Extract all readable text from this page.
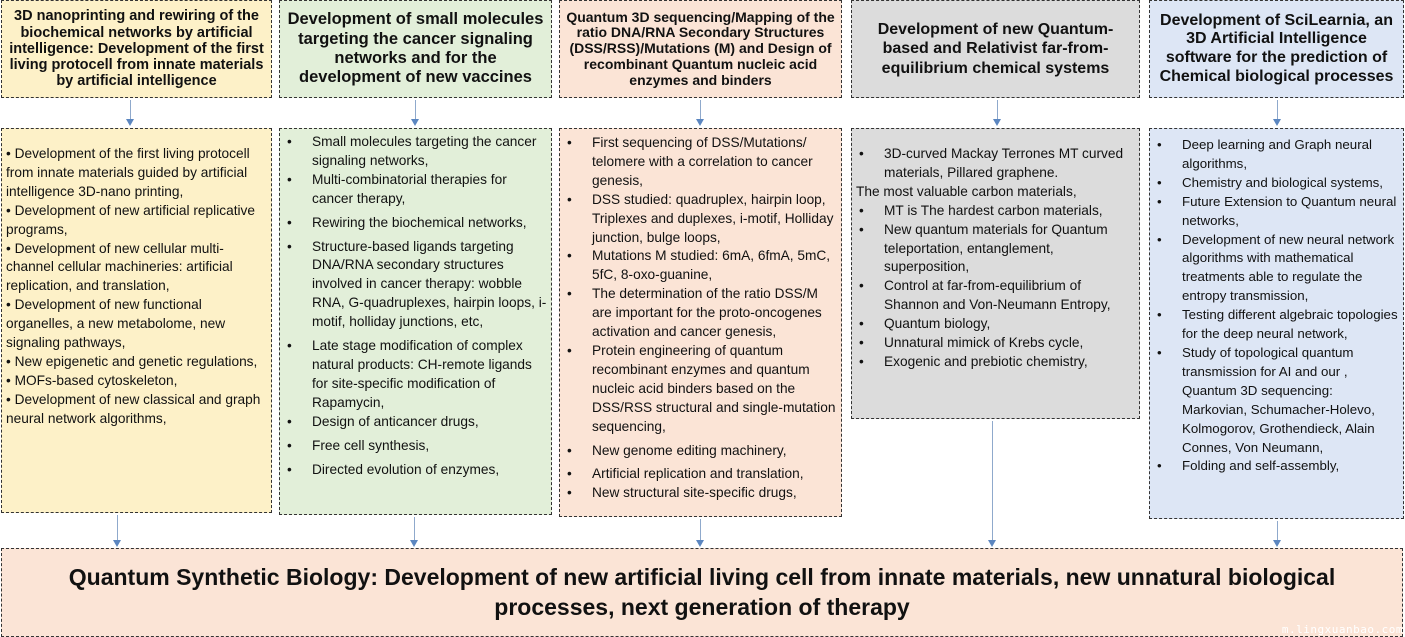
3D nanoprinting and rewiring of the biochemical networks by artificial intelligence: Development of the first living protocell from innate materials by artificial intelligence
Development of small molecules targeting the cancer signaling networks and for the development of new vaccines
Quantum 3D sequencing/Mapping of the ratio DNA/RNA Secondary Structures (DSS/RSS)/Mutations (M) and Design of recombinant Quantum nucleic acid enzymes and binders
Development of new Quantum-based and Relativist far-from-equilibrium chemical systems
Development of SciLearnia, an 3D Artificial Intelligence software for the prediction of Chemical biological processes
• Development of the first living protocell from innate materials guided by artificial intelligence 3D-nano printing,
• Development of new artificial replicative programs,
• Development of new cellular multi-channel cellular machineries: artificial replication, and translation,
• Development of new functional organelles, a new metabolome, new signaling pathways,
• New epigenetic and genetic regulations,
• MOFs-based cytoskeleton,
• Development of new classical and graph neural network algorithms,
• Small molecules targeting the cancer signaling networks,
• Multi-combinatorial therapies for cancer therapy,
• Rewiring the biochemical networks,
• Structure-based ligands targeting DNA/RNA secondary structures involved in cancer therapy: wobble RNA, G-quadruplexes, hairpin loops, i-motif, holliday junctions, etc,
• Late stage modification of complex natural products: CH-remote ligands for site-specific modification of Rapamycin,
• Design of anticancer drugs,
• Free cell synthesis,
• Directed evolution of enzymes,
• First sequencing of DSS/Mutations/ telomere with a correlation to cancer genesis,
• DSS studied: quadruplex, hairpin loop, Triplexes and duplexes, i-motif, Holliday junction, bulge loops,
• Mutations M studied: 6mA, 6fmA, 5mC, 5fC, 8-oxo-guanine,
• The determination of the ratio DSS/M are important for the proto-oncogenes activation and cancer genesis,
• Protein engineering of quantum recombinant enzymes and quantum nucleic acid binders based on the DSS/RSS structural and single-mutation sequencing,
• New genome editing machinery,
• Artificial replication and translation,
• New structural site-specific drugs,
• 3D-curved Mackay Terrones MT curved materials, Pillared graphene.
The most valuable carbon materials,
• MT is The hardest carbon materials,
• New quantum materials for Quantum teleportation, entanglement, superposition,
• Control at far-from-equilibrium of Shannon and Von-Neumann Entropy,
• Quantum biology,
• Unnatural mimick of Krebs cycle,
• Exogenic and prebiotic chemistry,
• Deep learning and Graph neural algorithms,
• Chemistry and biological systems,
• Future Extension to Quantum neural networks,
• Development of new neural network algorithms with mathematical treatments able to regulate the entropy transmission,
• Testing different algebraic topologies for the deep neural network,
• Study of topological quantum transmission for AI and our , Quantum 3D sequencing: Markovian, Schumacher-Holevo, Kolmogorov, Grothendieck, Alain Connes, Von Neumann,
• Folding and self-assembly,
Quantum Synthetic Biology: Development of new artificial living cell from innate materials, new unnatural biological processes, next generation of therapy
m.lingxuanbao.com
